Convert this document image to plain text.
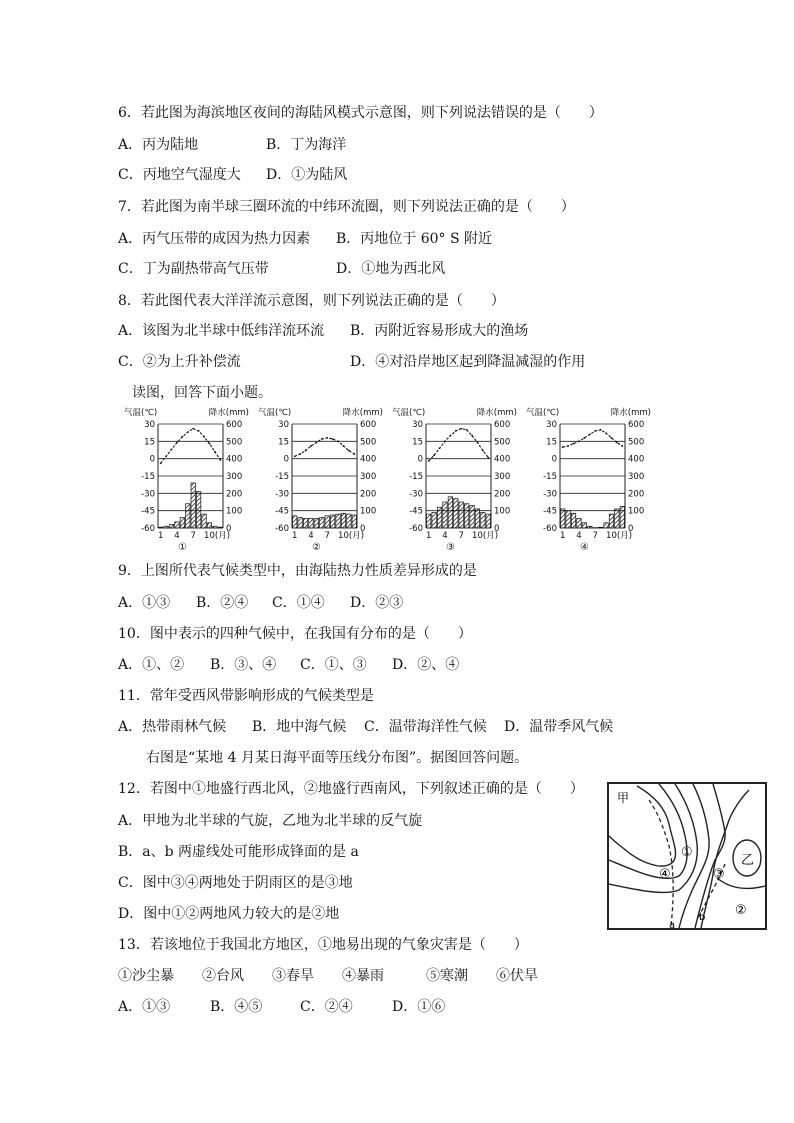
6．若此图为海滨地区夜间的海陆风模式示意图，则下列说法错误的是（　　）
A．丙为陆地	B．丁为海洋
C．丙地空气湿度大 D．①为陆风
7．若此图为南半球三圈环流的中纬环流圈，则下列说法正确的是（　　）
A．丙气压带的成因为热力因素 B．丙地位于 60° S 附近
C．丁为副热带高气压带	D．①地为西北风
8．若此图代表大洋洋流示意图，则下列说法正确的是（　　）
A．该图为北半球中低纬洋流环流 B．丙附近容易形成大的渔场
C．②为上升补偿流	D．④对沿岸地区起到降温减湿的作用
读图，回答下面小题。
气温(℃)	降水(mm)
30	600
15	500
0	400
-15	300
-30	200
-45	100
-60	0
1 4 7 10 (月)
①
气温(℃)	降水(mm)
30	600
15	500
0	400
-15	300
-30	200
-45	100
-60	0
1 4 7 10 (月)
②
气温(℃)	降水(mm)
30	600
15	500
0	400
-15	300
-30	200
-45	100
-60	0
1 4 7 10 (月)
③
气温(℃)	降水(mm)
30	600
15	500
0	400
-15	300
-30	200
-45	100
-60	0
1 4 7 10 (月)
④
9．上图所代表气候类型中，由海陆热力性质差异形成的是
A．①③ B．②④ C．①④ D．②③
10．图中表示的四种气候中，在我国有分布的是（　　）
A．①、② B．③、④ C．①、③ D．②、④
11．常年受西风带影响形成的气候类型是
A．热带雨林气候 B．地中海气候 C．温带海洋性气候 D．温带季风气候
右图是“某地 4 月某日海平面等压线分布图”。据图回答问题。
12．若图中①地盛行西北风，②地盛行西南风，下列叙述正确的是（　　）
A．甲地为北半球的气旋，乙地为北半球的反气旋
B．a、b 两虚线处可能形成锋面的是 a
C．图中③④两地处于阴雨区的是③地
D．图中①②两地风力较大的是②地
甲
乙
①
②
③
④
a
b
13．若该地位于我国北方地区，①地易出现的气象灾害是（　　）
①沙尘暴　　②台风　　③春旱　　④暴雨　　　⑤寒潮　　⑥伏旱
A．①③	B．④⑤	C．②④	D．①⑥
